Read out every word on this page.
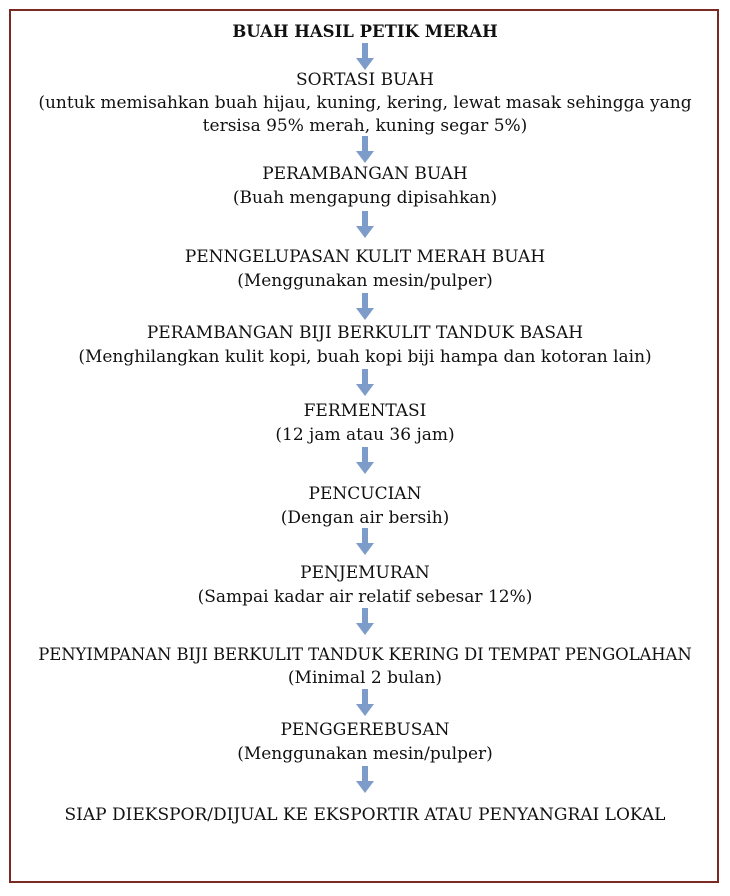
BUAH HASIL PETIK MERAH
SORTASI BUAH
(untuk memisahkan buah hijau, kuning, kering, lewat masak sehingga yang
tersisa 95% merah, kuning segar 5%)
PERAMBANGAN BUAH
(Buah mengapung dipisahkan)
PENNGELUPASAN KULIT MERAH BUAH
(Menggunakan mesin/pulper)
PERAMBANGAN BIJI BERKULIT TANDUK BASAH
(Menghilangkan kulit kopi, buah kopi biji hampa dan kotoran lain)
FERMENTASI
(12 jam atau 36 jam)
PENCUCIAN
(Dengan air bersih)
PENJEMURAN
(Sampai kadar air relatif sebesar 12%)
PENYIMPANAN BIJI BERKULIT TANDUK KERING DI TEMPAT PENGOLAHAN
(Minimal 2 bulan)
PENGGEREBUSAN
(Menggunakan mesin/pulper)
SIAP DIEKSPOR/DIJUAL KE EKSPORTIR ATAU PENYANGRAI LOKAL
